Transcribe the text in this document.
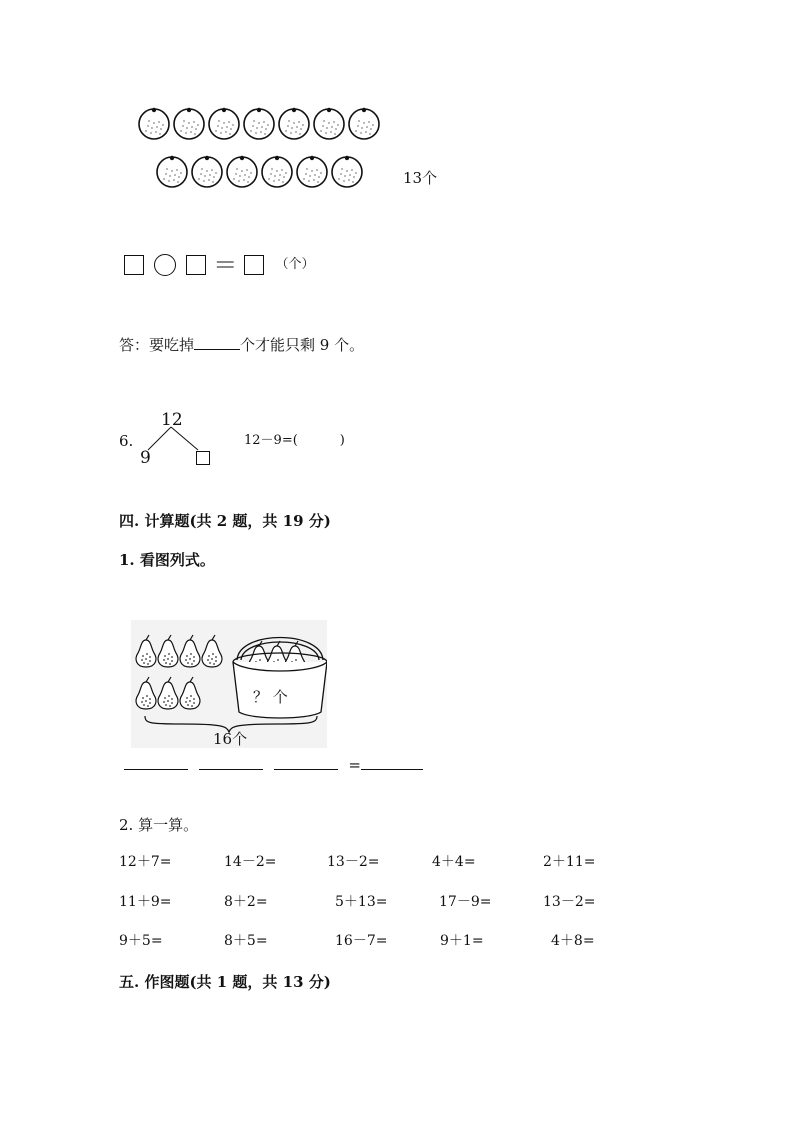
13个
＝	（个）
答：要吃掉	个才能只剩 9 个。
6.
12
9
12－9=(	)
四. 计算题(共 2 题，共 19 分)
1. 看图列式。
？ 个
16个
=
2. 算一算。
12＋7=	14－2=	13－2=	4＋4=	2＋11=
11＋9=	8＋2=	5＋13=	17－9=	13－2=
9＋5=	8＋5=	16－7=	9＋1=	4＋8=
五. 作图题(共 1 题，共 13 分)
